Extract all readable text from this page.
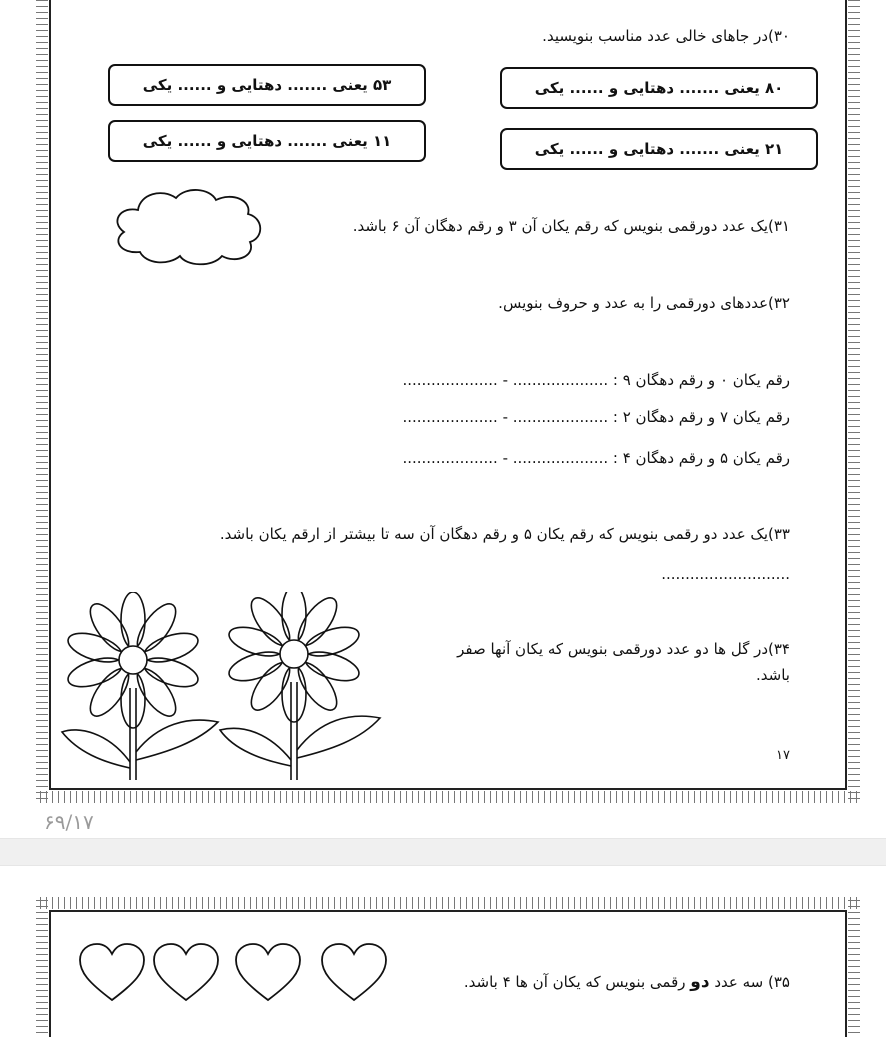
۳۰)در جاهای خالی عدد مناسب بنویسید.
۵۳ یعنی ....... دهتایی و ...... یکی	۸۰ یعنی ....... دهتایی و ...... یکی
۱۱ یعنی ....... دهتایی و ...... یکی	۲۱ یعنی ....... دهتایی و ...... یکی
۳۱)یک عدد دورقمی بنویس که رقم یکان آن ۳ و رقم دهگان آن ۶ باشد.
۳۲)عددهای دورقمی را به عدد و حروف بنویس.
رقم یکان ۰ و رقم دهگان ۹ : .................... - ....................
رقم یکان ۷ و رقم دهگان ۲ : .................... - ....................
رقم یکان ۵ و رقم دهگان ۴ : .................... - ....................
۳۳)یک عدد دو رقمی بنویس که رقم یکان ۵ و رقم دهگان آن سه تا بیشتر از ارقم یکان باشد.
...........................
۳۴)در گل ها دو عدد دورقمی بنویس که یکان آنها صفر
باشد.
۱۷
۶۹/۱۷
۳۵) سه عدد دو رقمی بنویس که یکان آن ها ۴ باشد.
